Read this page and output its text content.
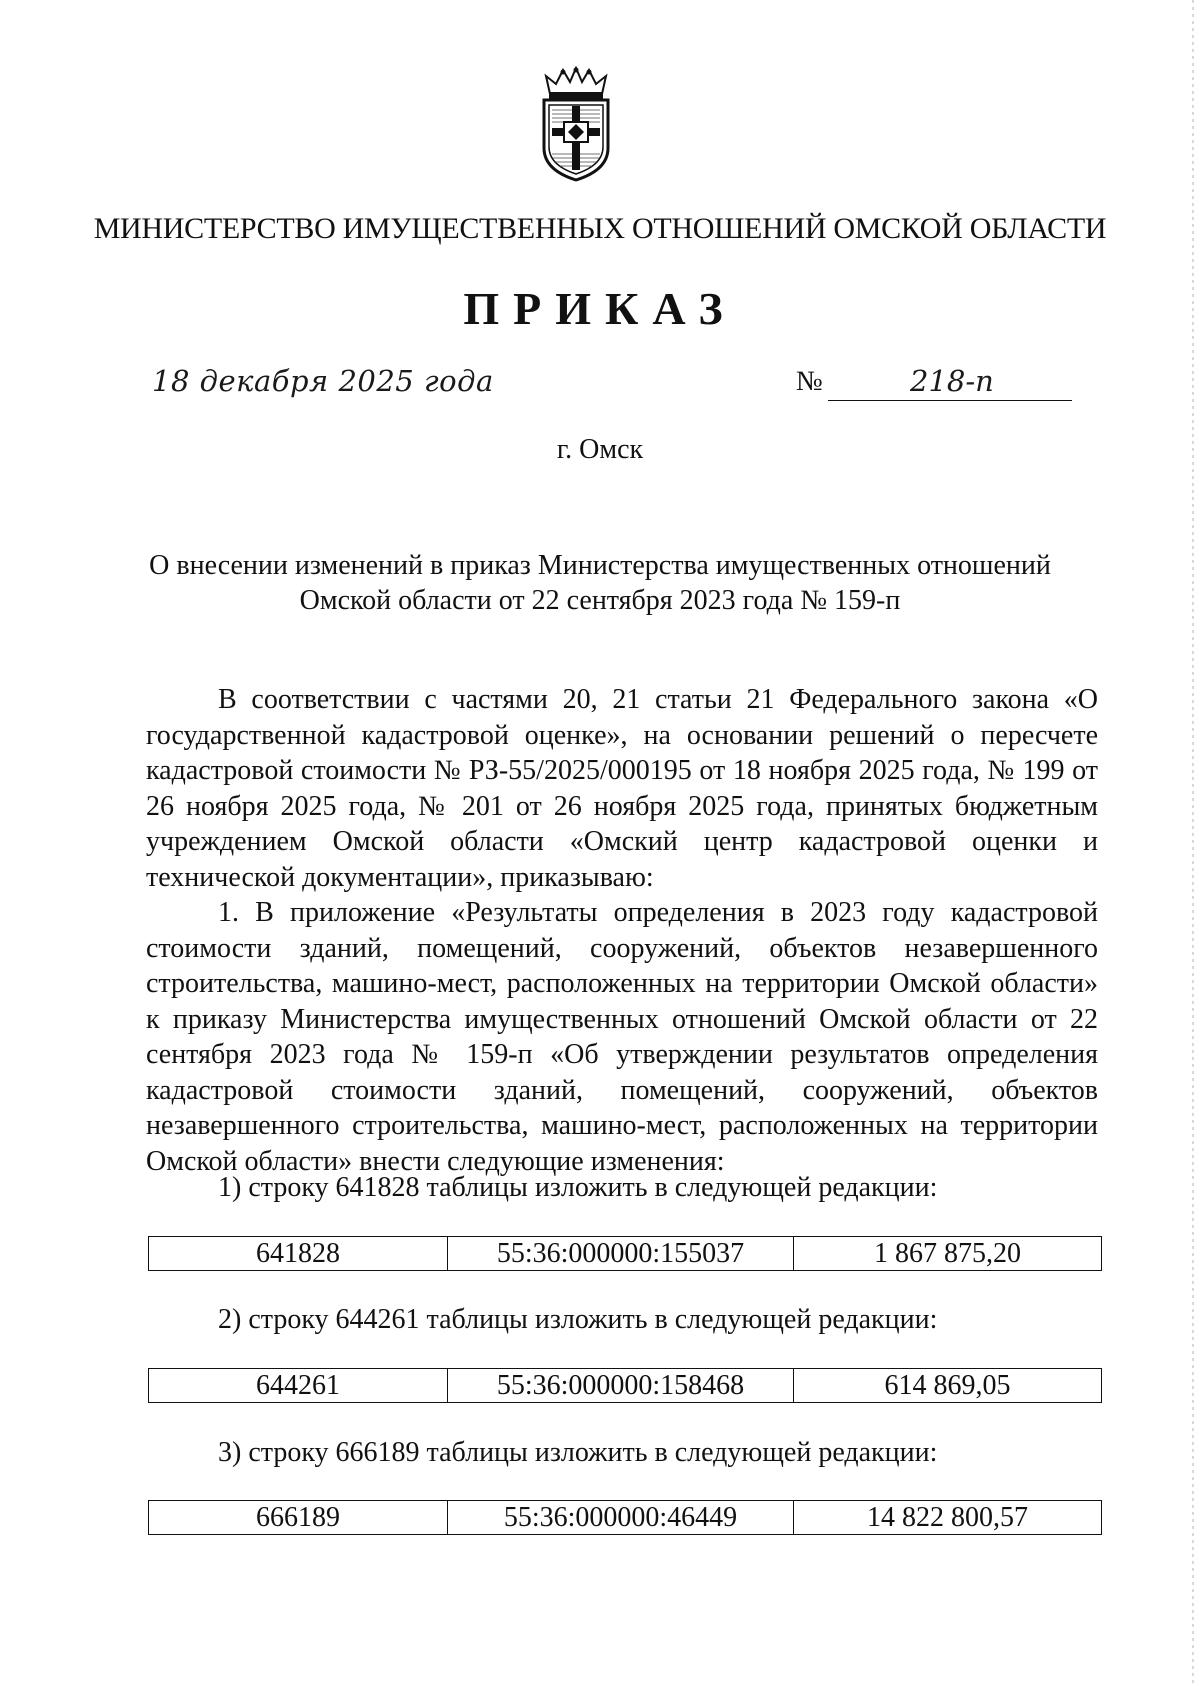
МИНИСТЕРСТВО ИМУЩЕСТВЕННЫХ ОТНОШЕНИЙ ОМСКОЙ ОБЛАСТИ
ПРИКАЗ
18 декабря 2025 года	№	218-п
г. Омск
О внесении изменений в приказ Министерства имущественных отношений
Омской области от 22 сентября 2023 года № 159-п

В соответствии с частями 20, 21 статьи 21 Федерального закона «О государственной кадастровой оценке», на основании решений о пересчете кадастровой стоимости № РЗ-55/2025/000195 от 18 ноября 2025 года, № 199 от 26 ноября 2025 года, № 201 от 26 ноября 2025 года, принятых бюджетным учреждением Омской области «Омский центр кадастровой оценки и технической документации», приказываю:

1. В приложение «Результаты определения в 2023 году кадастровой стоимости зданий, помещений, сооружений, объектов незавершенного строительства, машино-мест, расположенных на территории Омской области» к приказу Министерства имущественных отношений Омской области от 22 сентября 2023 года № 159-п «Об утверждении результатов определения кадастровой стоимости зданий, помещений, сооружений, объектов незавершенного строительства, машино-мест, расположенных на территории Омской области» внести следующие изменения:

1) строку 641828 таблицы изложить в следующей редакции:
641828	55:36:000000:155037	1 867 875,20
2) строку 644261 таблицы изложить в следующей редакции:
644261	55:36:000000:158468	614 869,05
3) строку 666189 таблицы изложить в следующей редакции:
666189	55:36:000000:46449	14 822 800,57
